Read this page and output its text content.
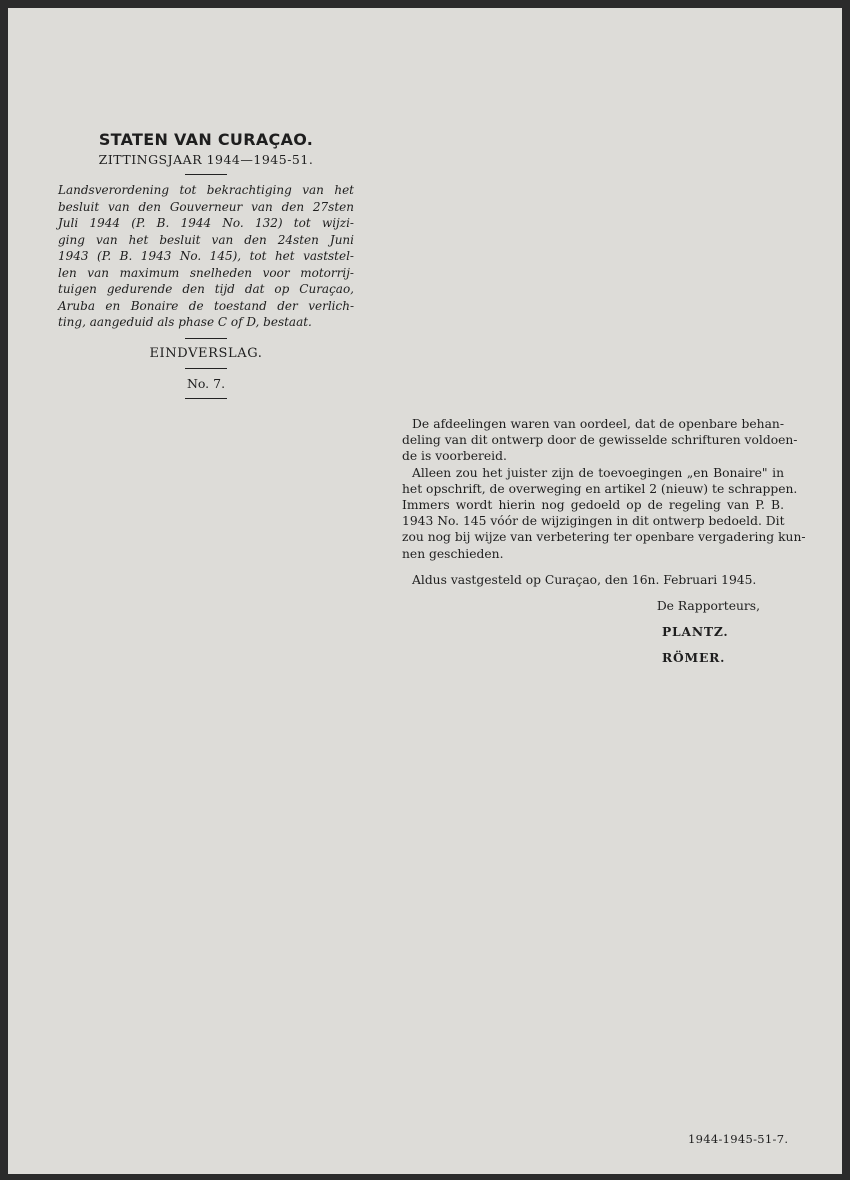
STATEN VAN CURAÇAO.
ZITTINGSJAAR 1944—1945-51.
Landsverordening tot bekrachtiging van het
besluit van den Gouverneur van den 27sten
Juli 1944 (P. B. 1944 No. 132) tot wijzi-
ging van het besluit van den 24sten Juni
1943 (P. B. 1943 No. 145), tot het vaststel-
len van maximum snelheden voor motorrij-
tuigen gedurende den tijd dat op Curaçao,
Aruba en Bonaire de toestand der verlich-
ting, aangeduid als phase C of D, bestaat.
EINDVERSLAG.
No. 7.
De afdeelingen waren van oordeel, dat de openbare behan-
deling van dit ontwerp door de gewisselde schrifturen voldoen-
de is voorbereid.
Alleen zou het juister zijn de toevoegingen „en Bonaire" in
het opschrift, de overweging en artikel 2 (nieuw) te schrappen.
Immers wordt hierin nog gedoeld op de regeling van P. B.
1943 No. 145 vóór de wijzigingen in dit ontwerp bedoeld. Dit
zou nog bij wijze van verbetering ter openbare vergadering kun-
nen geschieden.
Aldus vastgesteld op Curaçao, den 16n. Februari 1945.
De Rapporteurs,
PLANTZ.
RÖMER.
1944-1945-51-7.
